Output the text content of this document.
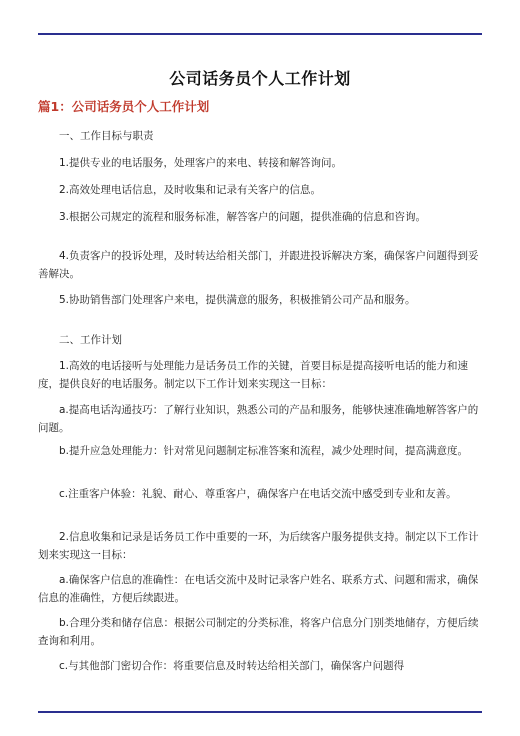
公司话务员个人工作计划
篇1：公司话务员个人工作计划

一、工作目标与职责

1.提供专业的电话服务，处理客户的来电、转接和解答询问。

2.高效处理电话信息，及时收集和记录有关客户的信息。

3.根据公司规定的流程和服务标准，解答客户的问题，提供准确的信息和咨询。

4.负责客户的投诉处理，及时转达给相关部门，并跟进投诉解决方案，确保客户问题得到妥善解决。

5.协助销售部门处理客户来电，提供满意的服务，积极推销公司产品和服务。

二、工作计划

1.高效的电话接听与处理能力是话务员工作的关键，首要目标是提高接听电话的能力和速度，提供良好的电话服务。制定以下工作计划来实现这一目标：

a.提高电话沟通技巧：了解行业知识，熟悉公司的产品和服务，能够快速准确地解答客户的问题。

b.提升应急处理能力：针对常见问题制定标准答案和流程，减少处理时间，提高满意度。

c.注重客户体验：礼貌、耐心、尊重客户，确保客户在电话交流中感受到专业和友善。

2.信息收集和记录是话务员工作中重要的一环，为后续客户服务提供支持。制定以下工作计划来实现这一目标：

a.确保客户信息的准确性：在电话交流中及时记录客户姓名、联系方式、问题和需求，确保信息的准确性，方便后续跟进。

b.合理分类和储存信息：根据公司制定的分类标准，将客户信息分门别类地储存，方便后续查询和利用。

c.与其他部门密切合作：将重要信息及时转达给相关部门，确保客户问题得
